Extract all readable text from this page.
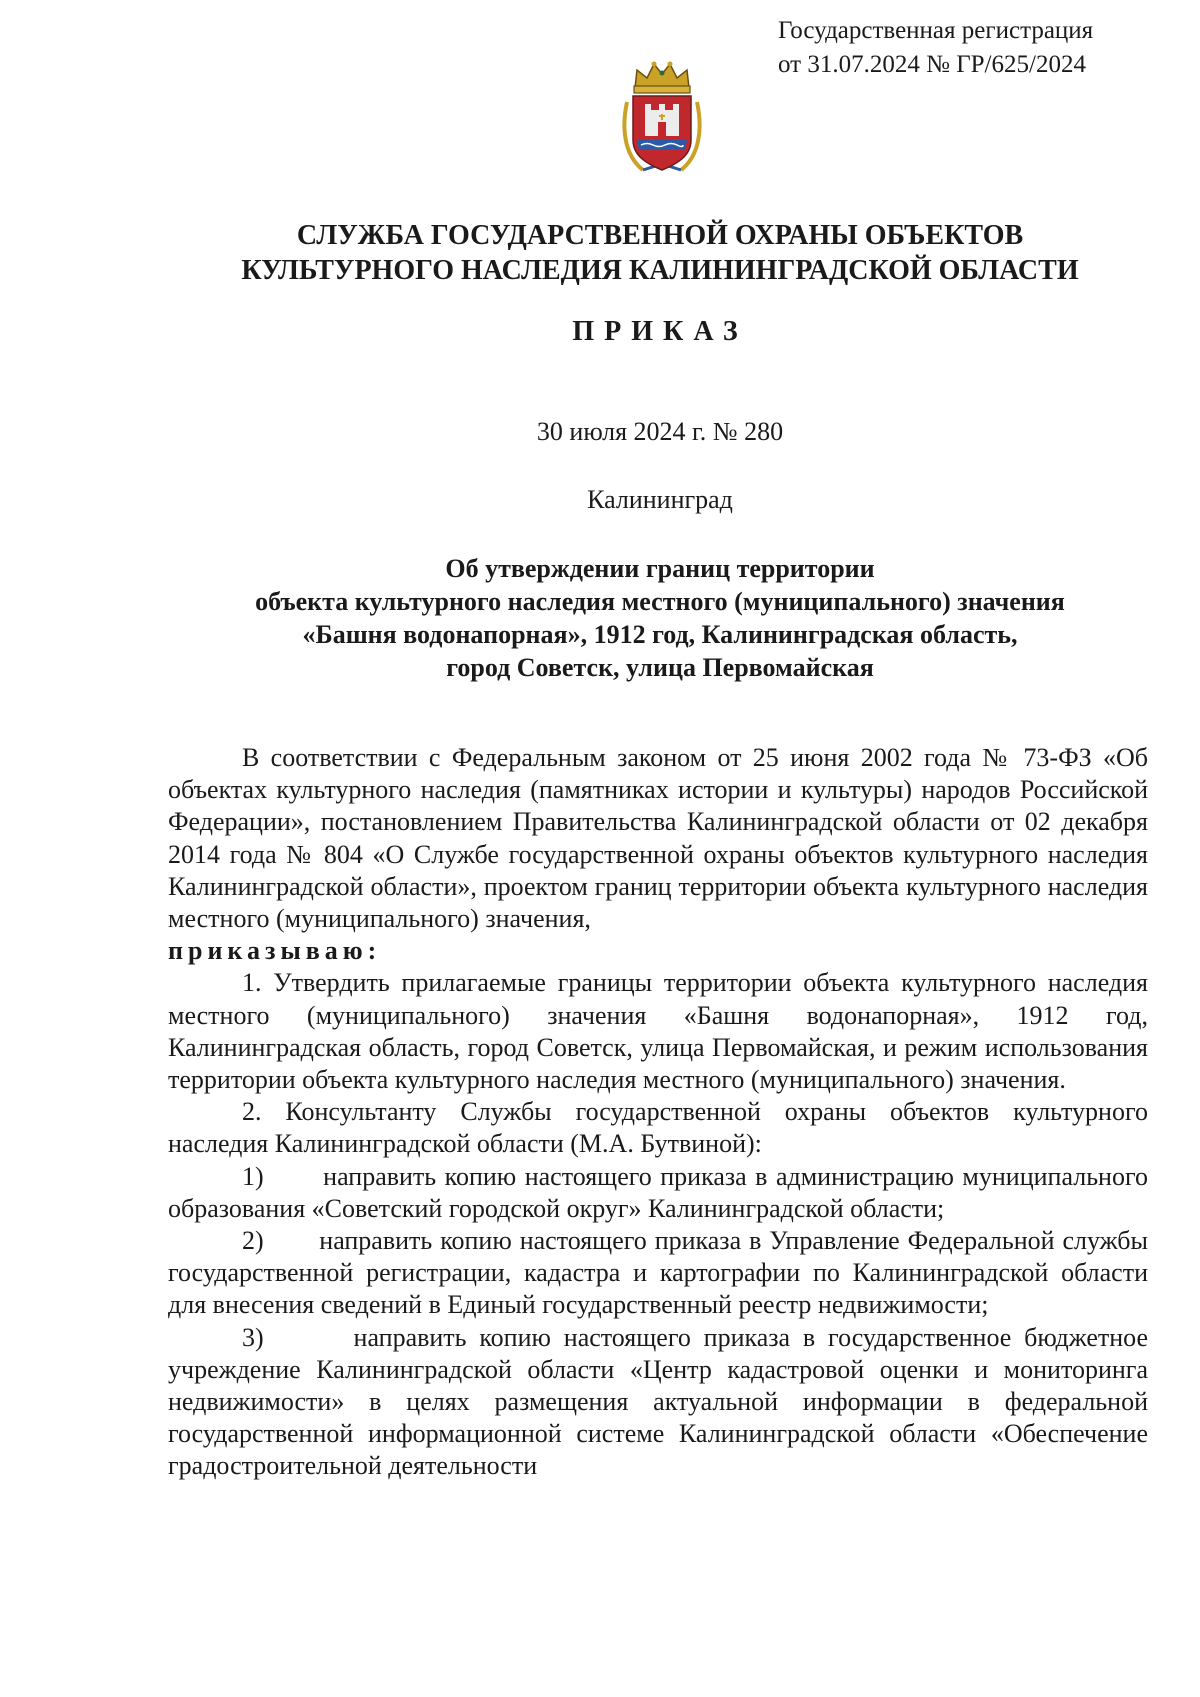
Государственная регистрация
от 31.07.2024 № ГР/625/2024
СЛУЖБА ГОСУДАРСТВЕННОЙ ОХРАНЫ ОБЪЕКТОВ
КУЛЬТУРНОГО НАСЛЕДИЯ КАЛИНИНГРАДСКОЙ ОБЛАСТИ
ПРИКАЗ
30 июля 2024 г. № 280
Калининград
Об утверждении границ территории
объекта культурного наследия местного (муниципального) значения
«Башня водонапорная», 1912 год, Калининградская область,
город Советск, улица Первомайская

В соответствии с Федеральным законом от 25 июня 2002 года № 73-ФЗ «Об объектах культурного наследия (памятниках истории и культуры) народов Российской Федерации», постановлением Правительства Калининградской области от 02 декабря 2014 года № 804 «О Службе государственной охраны объектов культурного наследия Калининградской области», проектом границ территории объекта культурного наследия местного (муниципального) значения,

приказываю:

1. Утвердить прилагаемые границы территории объекта культурного наследия местного (муниципального) значения «Башня водонапорная», 1912 год, Калининградская область, город Советск, улица Первомайская, и режим использования территории объекта культурного наследия местного (муниципального) значения.

2. Консультанту Службы государственной охраны объектов культурного наследия Калининградской области (М.А. Бутвиной):

1)       направить копию настоящего приказа в администрацию муниципального образования «Советский городской округ» Калининградской области;

2)       направить копию настоящего приказа в Управление Федеральной службы государственной регистрации, кадастра и картографии по Калининградской области для внесения сведений в Единый государственный реестр недвижимости;

3)       направить копию настоящего приказа в государственное бюджетное учреждение Калининградской области «Центр кадастровой оценки и мониторинга недвижимости» в целях размещения актуальной информации в федеральной государственной информационной системе Калининградской области «Обеспечение градостроительной деятельности
